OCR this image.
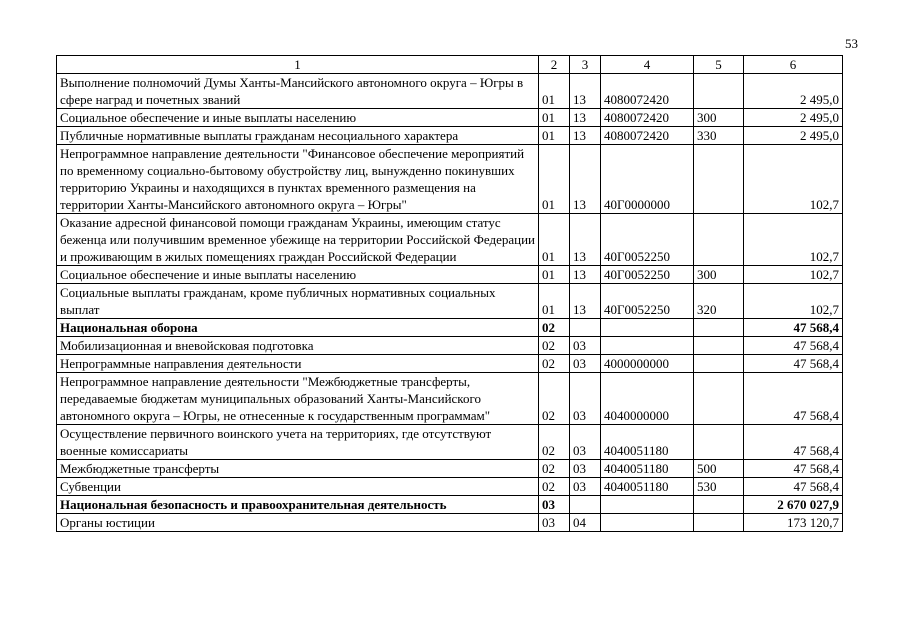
53
1	2	3	4	5	6
Выполнение полномочий Думы Ханты-Мансийского автономного округа – Югры в сфере наград и почетных званий	01	13	4080072420		2 495,0
Социальное обеспечение и иные выплаты населению	01	13	4080072420	300	2 495,0
Публичные нормативные выплаты гражданам несоциального характера	01	13	4080072420	330	2 495,0
Непрограммное направление деятельности "Финансовое обеспечение мероприятий по временному социально-бытовому обустройству лиц, вынужденно покинувших территорию Украины и находящихся в пунктах временного размещения на территории Ханты-Мансийского автономного округа – Югры"	01	13	40Г0000000		102,7
Оказание адресной финансовой помощи гражданам Украины, имеющим статус беженца или получившим временное убежище на территории Российской Федерации и проживающим в жилых помещениях граждан Российской Федерации	01	13	40Г0052250		102,7
Социальное обеспечение и иные выплаты населению	01	13	40Г0052250	300	102,7
Социальные выплаты гражданам, кроме публичных нормативных социальных выплат	01	13	40Г0052250	320	102,7
Национальная оборона	02				47 568,4
Мобилизационная и вневойсковая подготовка	02	03			47 568,4
Непрограммные направления деятельности	02	03	4000000000		47 568,4
Непрограммное направление деятельности "Межбюджетные трансферты, передаваемые бюджетам муниципальных образований Ханты-Мансийского автономного округа – Югры, не отнесенные к государственным программам"	02	03	4040000000		47 568,4
Осуществление первичного воинского учета на территориях, где отсутствуют военные комиссариаты	02	03	4040051180		47 568,4
Межбюджетные трансферты	02	03	4040051180	500	47 568,4
Субвенции	02	03	4040051180	530	47 568,4
Национальная безопасность и правоохранительная деятельность	03				2 670 027,9
Органы юстиции	03	04			173 120,7
